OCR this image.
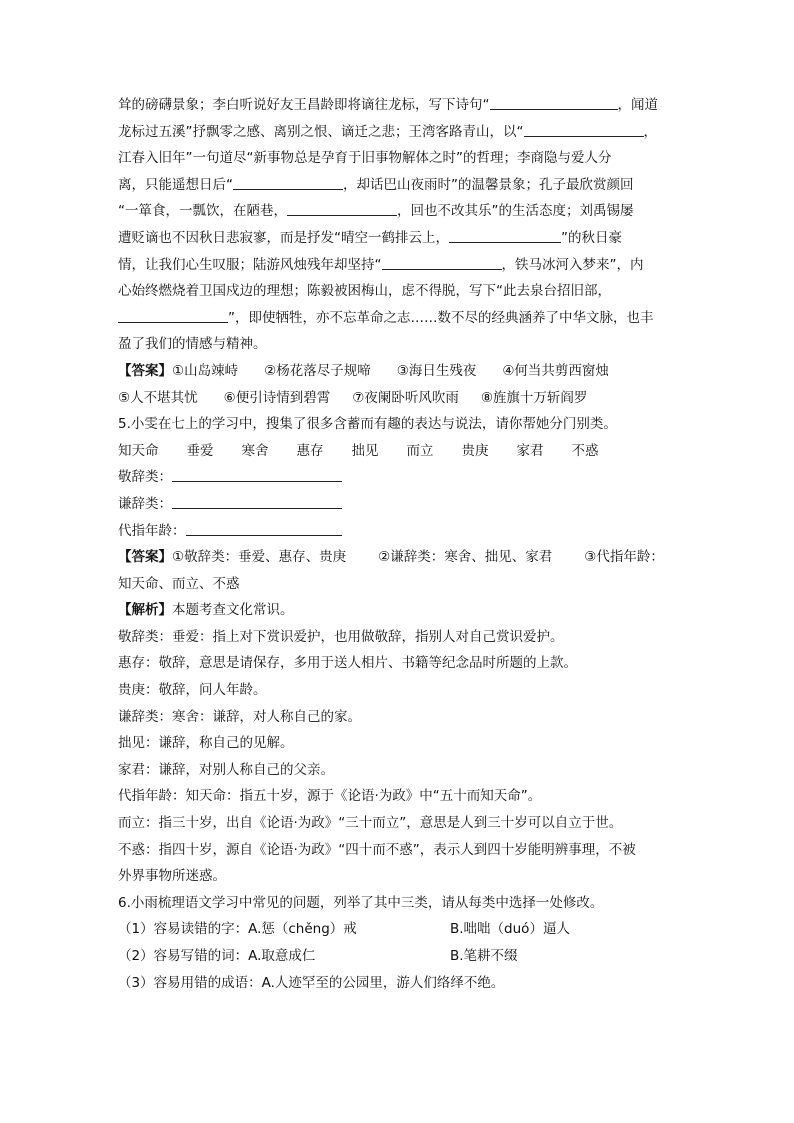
耸的磅礴景象；李白听说好友王昌龄即将谪往龙标，写下诗句“	，闻道
龙标过五溪”抒飘零之感、离别之恨、谪迁之悲；王湾客路青山，以“	，
江春入旧年”一句道尽“新事物总是孕育于旧事物解体之时”的哲理；李商隐与爱人分
离，只能遥想日后“	，却话巴山夜雨时”的温馨景象；孔子最欣赏颜回
“一箪食，一瓢饮，在陋巷，	，回也不改其乐”的生活态度；刘禹锡屡
遭贬谪也不因秋日悲寂寥，而是抒发“晴空一鹤排云上，	”的秋日豪
情，让我们心生叹服；陆游风烛残年却坚持“	，铁马冰河入梦来”，内
心始终燃烧着卫国戍边的理想；陈毅被困梅山，虑不得脱，写下“此去泉台招旧部，
”，即使牺牲，亦不忘革命之志……数不尽的经典涵养了中华文脉，也丰
盈了我们的情感与精神。
【答案】①山岛竦峙 ②杨花落尽子规啼 ③海日生残夜 ④何当共剪西窗烛
⑤人不堪其忧 ⑥便引诗情到碧霄 ⑦夜阑卧听风吹雨 ⑧旌旗十万斩阎罗
5.小雯在七上的学习中，搜集了很多含蓄而有趣的表达与说法，请你帮她分门别类。
知天命 垂爱 寒舍 惠存 拙见 而立 贵庚 家君 不惑
敬辞类：
谦辞类：
代指年龄：
【答案】①敬辞类：垂爱、惠存、贵庚 ②谦辞类：寒舍、拙见、家君 ③代指年龄：
知天命、而立、不惑
【解析】本题考查文化常识。
敬辞类：垂爱：指上对下赏识爱护，也用做敬辞，指别人对自己赏识爱护。
惠存：敬辞，意思是请保存，多用于送人相片、书籍等纪念品时所题的上款。
贵庚：敬辞，问人年龄。
谦辞类：寒舍：谦辞，对人称自己的家。
拙见：谦辞，称自己的见解。
家君：谦辞，对别人称自己的父亲。
代指年龄：知天命：指五十岁，源于《论语·为政》中“五十而知天命”。
而立：指三十岁，出自《论语·为政》“三十而立”，意思是人到三十岁可以自立于世。
不惑：指四十岁，源自《论语·为政》“四十而不惑”，表示人到四十岁能明辨事理，不被
外界事物所迷惑。
6.小雨梳理语文学习中常见的问题，列举了其中三类，请从每类中选择一处修改。
（1）容易读错的字：A.惩（chěng）戒	B.咄咄（duó）逼人
（2）容易写错的词：A.取意成仁	B.笔耕不缀
（3）容易用错的成语：A.人迹罕至的公园里，游人们络绎不绝。
